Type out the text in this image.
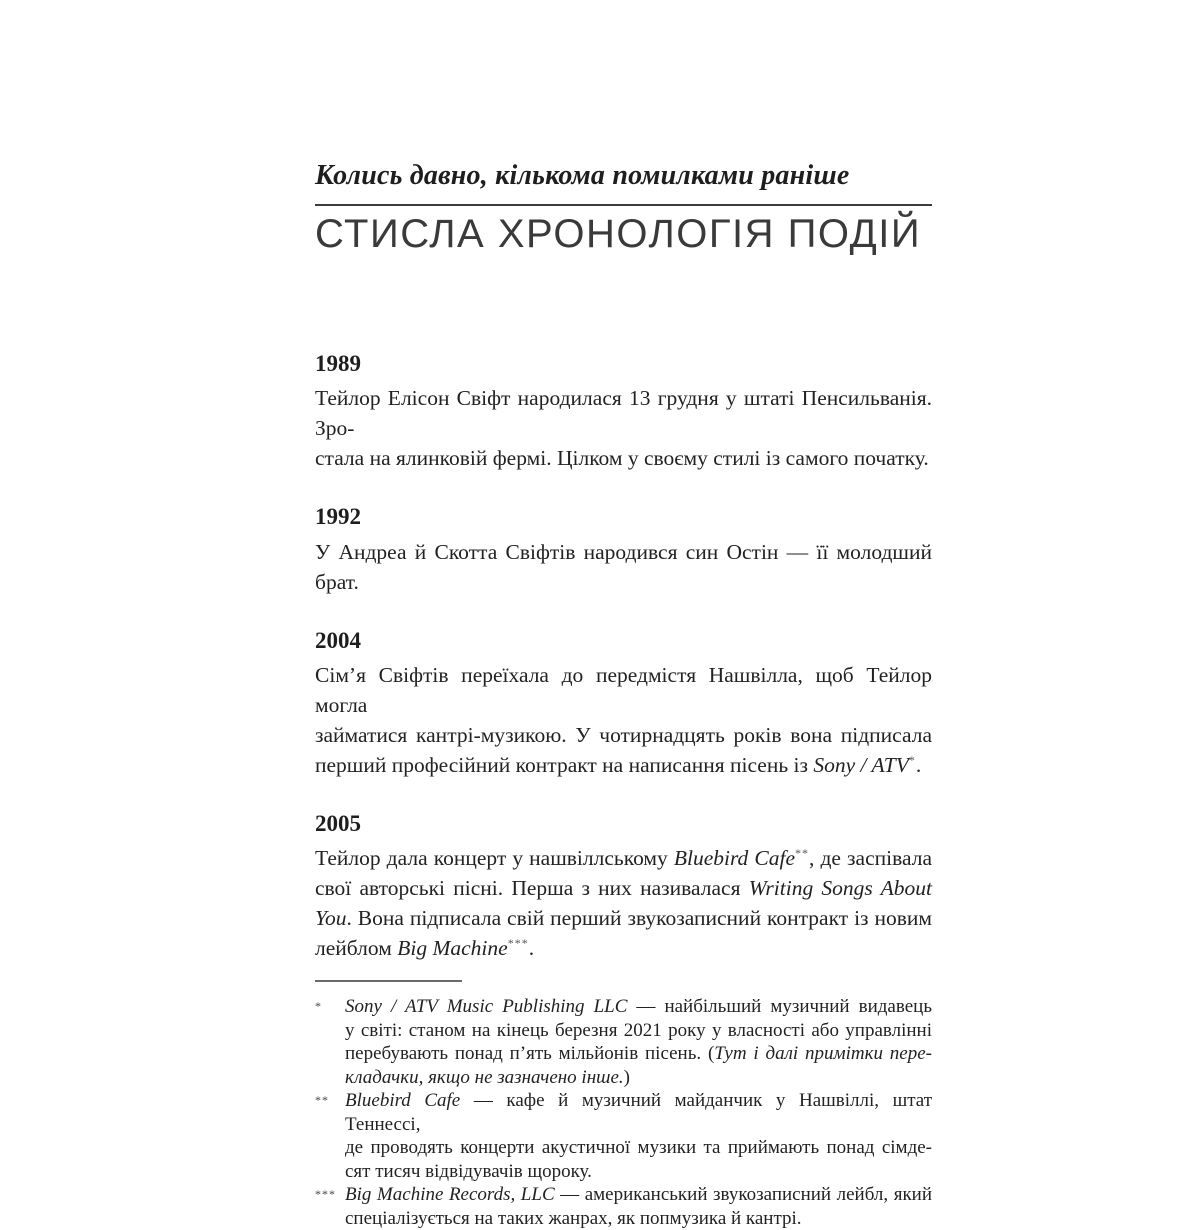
Колись давно, кількома помилками раніше

СТИСЛА ХРОНОЛОГІЯ ПОДІЙ
1989
Тейлор Елісон Свіфт народилася 13 грудня у штаті Пенсильванія. Зро-
стала на ялинковій фермі. Цілком у своєму стилі із самого початку.
1992
У Андреа й Скотта Свіфтів народився син Остін — її молодший брат.
2004
Сім’я Свіфтів переїхала до передмістя Нашвілла, щоб Тейлор могла
займатися кантрі-музикою. У чотирнадцять років вона підписала
перший професійний контракт на написання пісень із Sony / ATV*.
2005
Тейлор дала концерт у нашвіллському Bluebird Cafe**, де заспівала
свої авторські пісні. Перша з них називалася Writing Songs About
You. Вона підписала свій перший звукозаписний контракт із новим
лейблом Big Machine***.
*	Sony / ATV Music Publishing LLC — найбільший музичний видавець
у світі: станом на кінець березня 2021 року у власності або управлінні
перебувають понад п’ять мільйонів пісень. (Тут і далі примітки пере-
кладачки, якщо не зазначено інше.)
** Bluebird Cafe — кафе й музичний майданчик у Нашвіллі, штат Теннессі,
де проводять концерти акустичної музики та приймають понад сімде-
сят тисяч відвідувачів щороку.
*** Big Machine Records, LLC — американський звукозаписний лейбл, який
спеціалізується на таких жанрах, як попмузика й кантрі.
